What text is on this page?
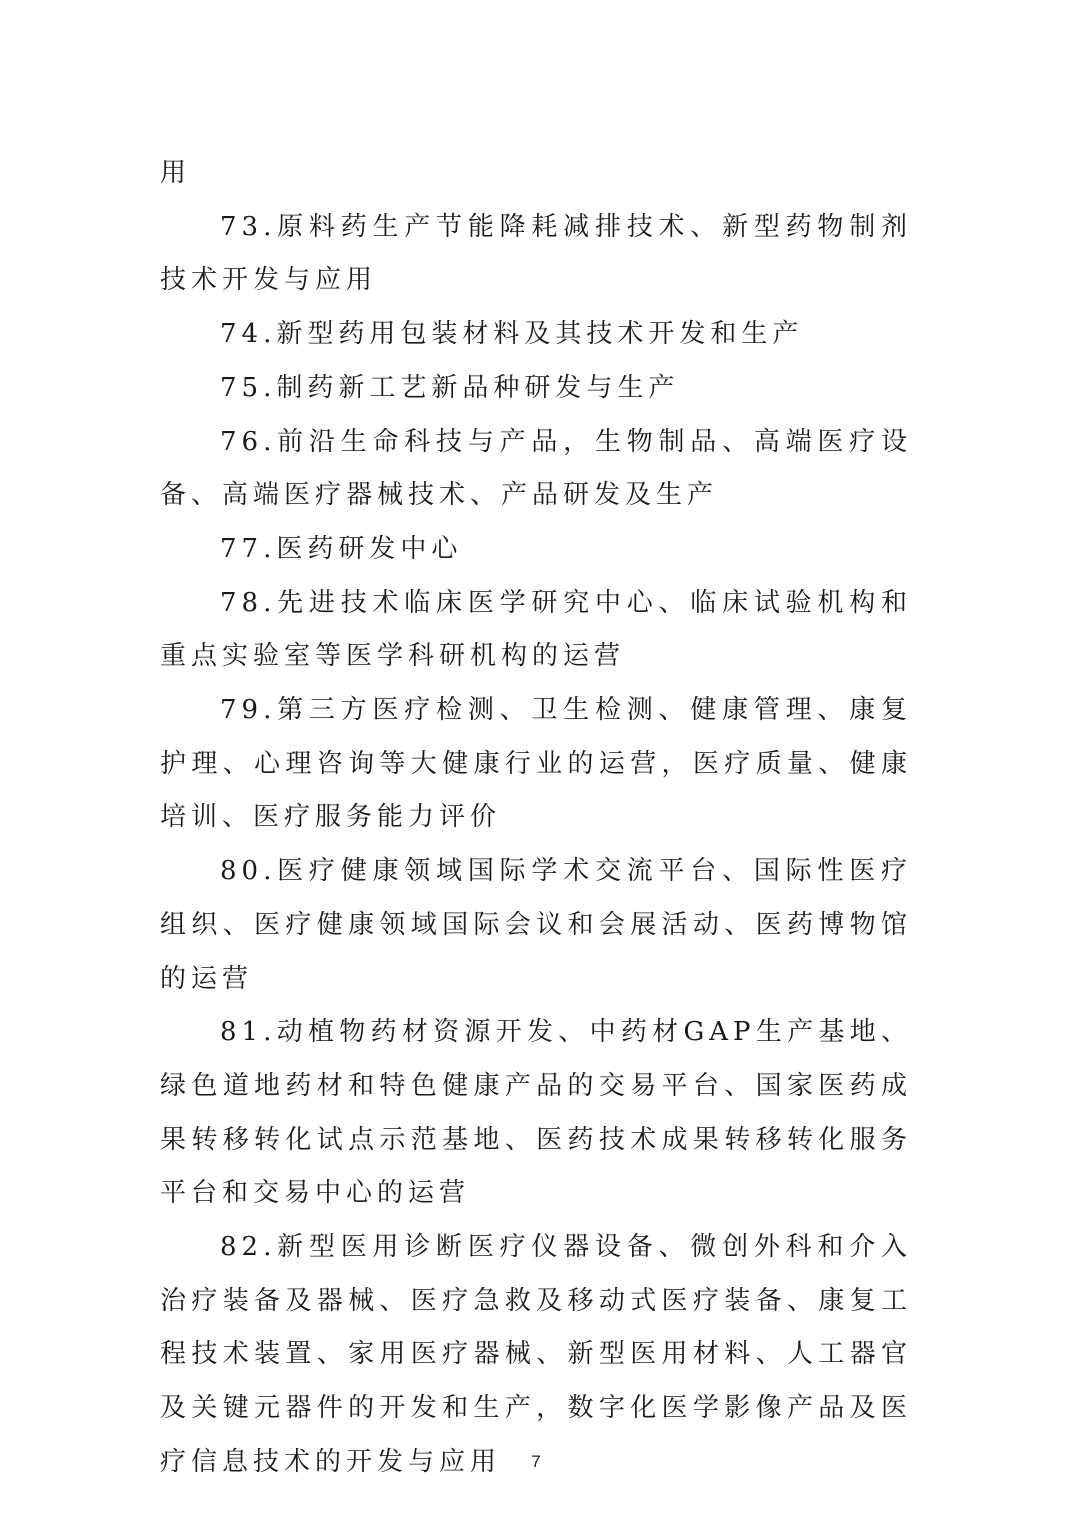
用

73.原料药生产节能降耗减排技术、新型药物制剂技术开发与应用

74.新型药用包装材料及其技术开发和生产

75.制药新工艺新品种研发与生产

76.前沿生命科技与产品，生物制品、高端医疗设备、高端医疗器械技术、产品研发及生产

77.医药研发中心

78.先进技术临床医学研究中心、临床试验机构和重点实验室等医学科研机构的运营

79.第三方医疗检测、卫生检测、健康管理、康复护理、心理咨询等大健康行业的运营，医疗质量、健康培训、医疗服务能力评价

80.医疗健康领域国际学术交流平台、国际性医疗组织、医疗健康领域国际会议和会展活动、医药博物馆的运营

81.动植物药材资源开发、中药材GAP生产基地、绿色道地药材和特色健康产品的交易平台、国家医药成果转移转化试点示范基地、医药技术成果转移转化服务平台和交易中心的运营

82.新型医用诊断医疗仪器设备、微创外科和介入治疗装备及器械、医疗急救及移动式医疗装备、康复工程技术装置、家用医疗器械、新型医用材料、人工器官及关键元器件的开发和生产，数字化医学影像产品及医疗信息技术的开发与应用	7
